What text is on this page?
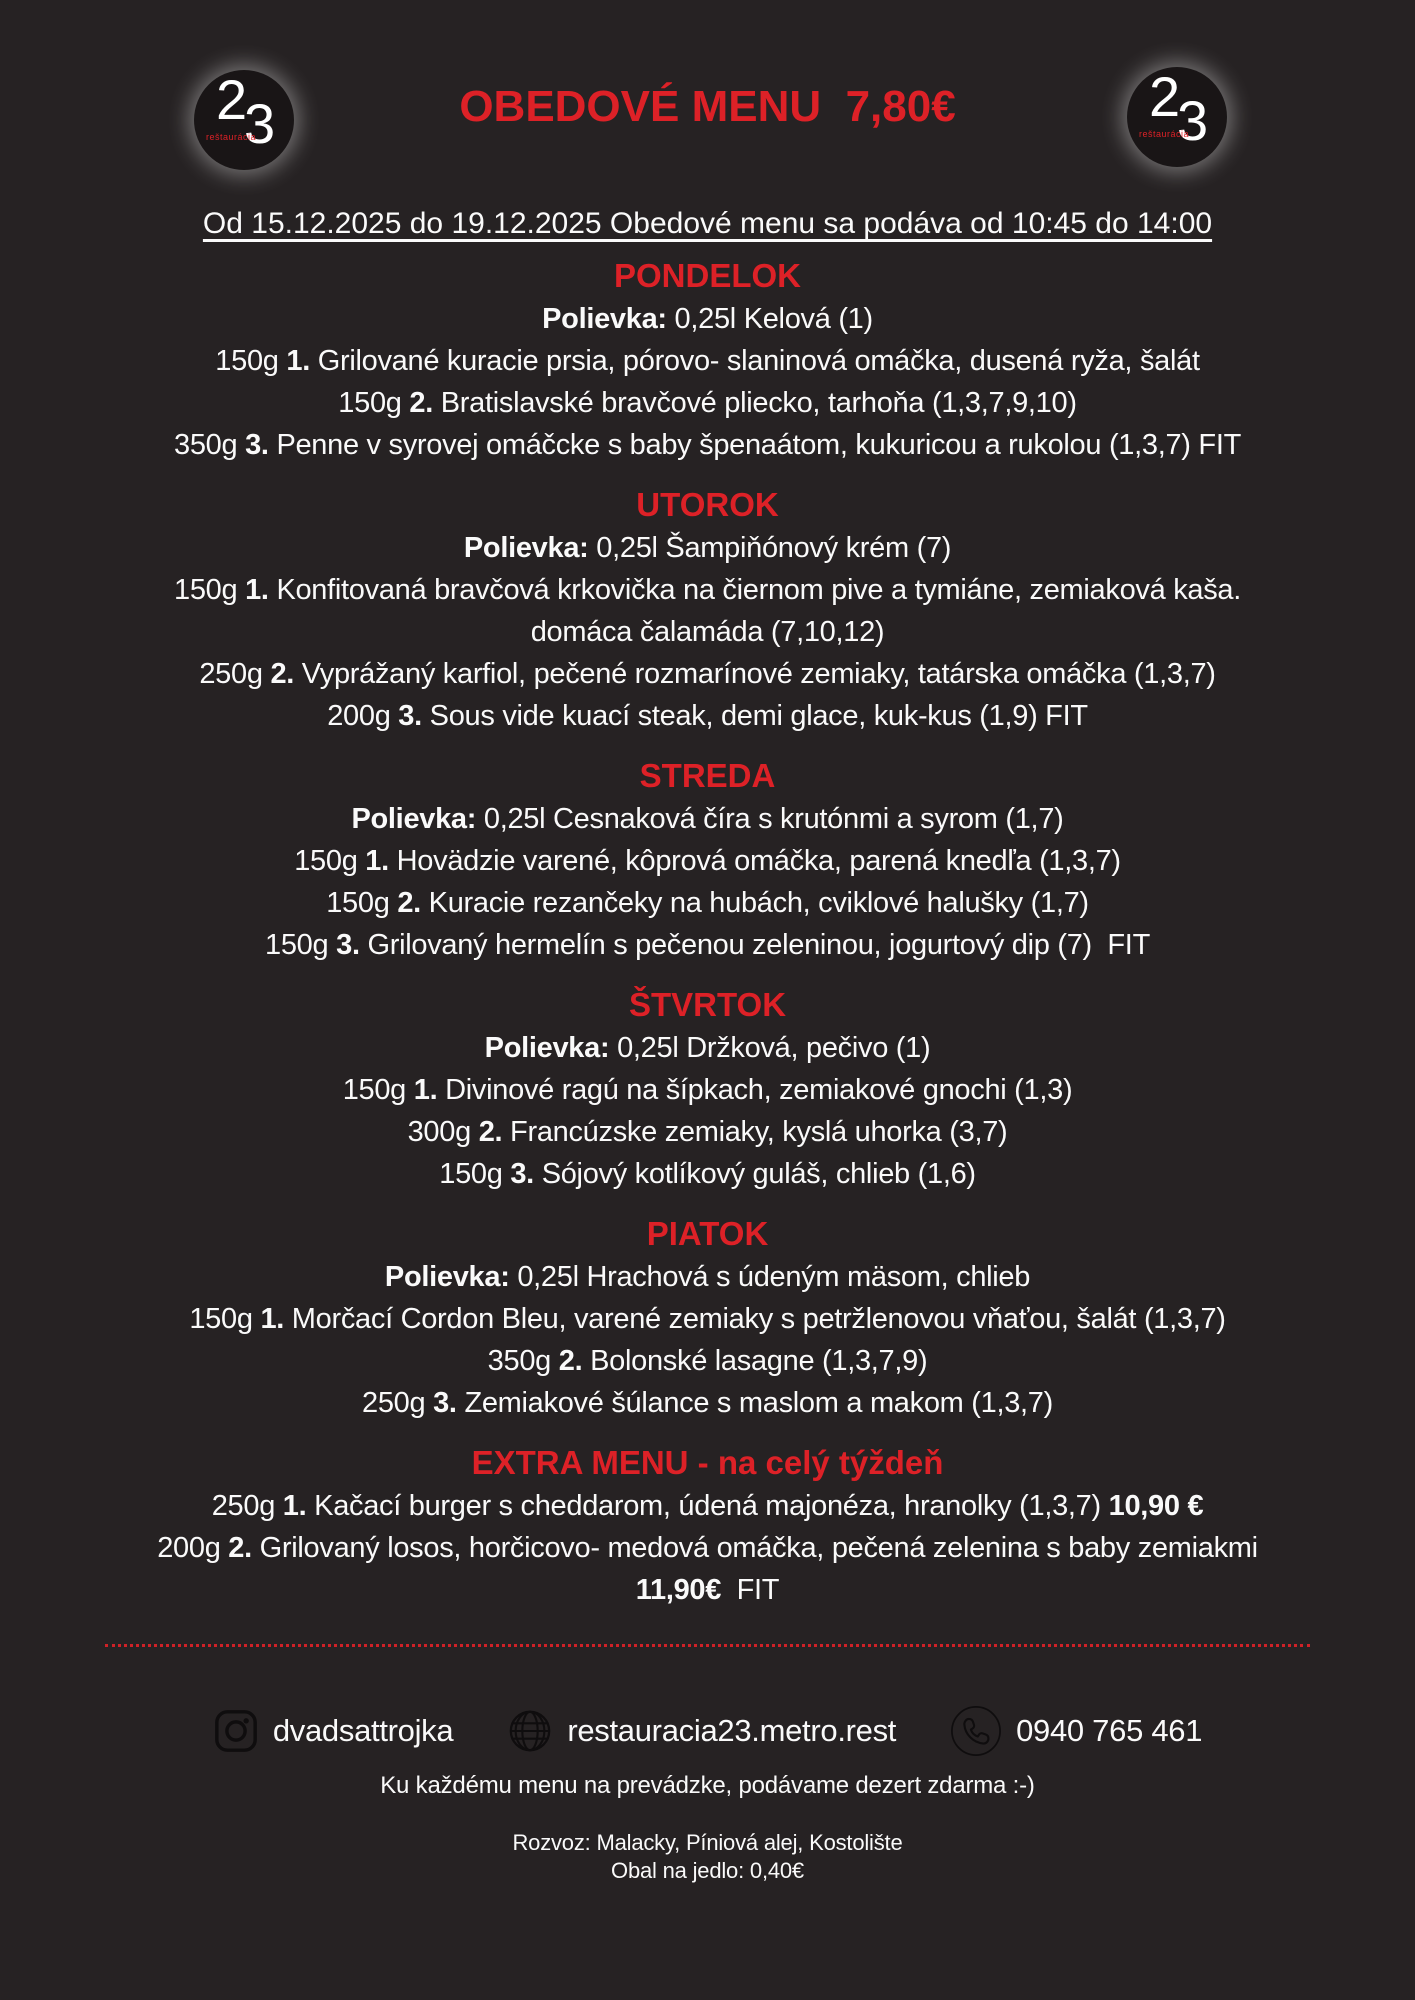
2
3
reštaurácia
2
3
reštaurácia
OBEDOVÉ MENU  7,80€
Od 15.12.2025 do 19.12.2025 Obedové menu sa podáva od 10:45 do 14:00
PONDELOK
Polievka: 0,25l Kelová (1)
150g 1. Grilované kuracie prsia, pórovo- slaninová omáčka, dusená ryža, šalát
150g 2. Bratislavské bravčové pliecko, tarhoňa (1,3,7,9,10)
350g 3. Penne v syrovej omáčcke s baby špenaátom, kukuricou a rukolou (1,3,7) FIT
UTOROK
Polievka: 0,25l Šampiňónový krém (7)
150g 1. Konfitovaná bravčová krkovička na čiernom pive a tymiáne, zemiaková kaša.
domáca čalamáda (7,10,12)
250g 2. Vyprážaný karfiol, pečené rozmarínové zemiaky, tatárska omáčka (1,3,7)
200g 3. Sous vide kuací steak, demi glace, kuk-kus (1,9) FIT
STREDA
Polievka: 0,25l Cesnaková číra s krutónmi a syrom (1,7)
150g 1. Hovädzie varené, kôprová omáčka, parená knedľa (1,3,7)
150g 2. Kuracie rezančeky na hubách, cviklové halušky (1,7)
150g 3. Grilovaný hermelín s pečenou zeleninou, jogurtový dip (7)  FIT
ŠTVRTOK
Polievka: 0,25l Držková, pečivo (1)
150g 1. Divinové ragú na šípkach, zemiakové gnochi (1,3)
300g 2. Francúzske zemiaky, kyslá uhorka (3,7)
150g 3. Sójový kotlíkový guláš, chlieb (1,6)
PIATOK
Polievka: 0,25l Hrachová s údeným mäsom, chlieb
150g 1. Morčací Cordon Bleu, varené zemiaky s petržlenovou vňaťou, šalát (1,3,7)
350g 2. Bolonské lasagne (1,3,7,9)
250g 3. Zemiakové šúlance s maslom a makom (1,3,7)
EXTRA MENU - na celý týždeň
250g 1. Kačací burger s cheddarom, údená majonéza, hranolky (1,3,7) 10,90 €
200g 2. Grilovaný losos, horčicovo- medová omáčka, pečená zelenina s baby zemiakmi
11,90€ FIT
dvadsattrojka	restauracia23.metro.rest	0940 765 461
Ku každému menu na prevádzke, podávame dezert zdarma :-)
Rozvoz: Malacky, Píniová alej, Kostolište
Obal na jedlo: 0,40€
